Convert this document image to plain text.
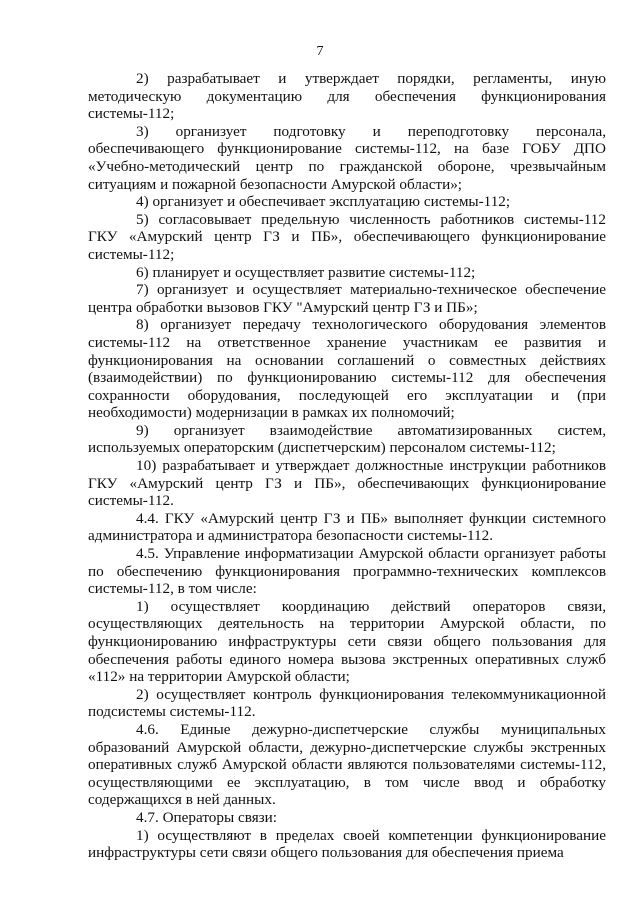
7

2) разрабатывает и утверждает порядки, регламенты, иную методическую документацию для обеспечения функционирования системы-112;

3) организует подготовку и переподготовку персонала, обеспечивающего функционирование системы-112, на базе ГОБУ ДПО «Учебно-методический центр по гражданской обороне, чрезвычайным ситуациям и пожарной безопасности Амурской области»;

4) организует и обеспечивает эксплуатацию системы-112;

5) согласовывает предельную численность работников системы-112 ГКУ «Амурский центр ГЗ и ПБ», обеспечивающего функционирование системы-112;

6) планирует и осуществляет развитие системы-112;

7) организует и осуществляет материально-техническое обеспечение центра обработки вызовов ГКУ "Амурский центр ГЗ и ПБ»;

8) организует передачу технологического оборудования элементов системы-112 на ответственное хранение участникам ее развития и функционирования на основании соглашений о совместных действиях (взаимодействии) по функционированию системы-112 для обеспечения сохранности оборудования, последующей его эксплуатации и (при необходимости) модернизации в рамках их полномочий;

9) организует взаимодействие автоматизированных систем, используемых операторским (диспетчерским) персоналом системы-112;

10) разрабатывает и утверждает должностные инструкции работников ГКУ «Амурский центр ГЗ и ПБ», обеспечивающих функционирование системы-112.

4.4. ГКУ «Амурский центр ГЗ и ПБ» выполняет функции системного администратора и администратора безопасности системы-112.

4.5. Управление информатизации Амурской области организует работы по обеспечению функционирования программно-технических комплексов системы-112, в том числе:

1) осуществляет координацию действий операторов связи, осуществляющих деятельность на территории Амурской области, по функционированию инфраструктуры сети связи общего пользования для обеспечения работы единого номера вызова экстренных оперативных служб «112» на территории Амурской области;

2) осуществляет контроль функционирования телекоммуникационной подсистемы системы-112.

4.6. Единые дежурно-диспетчерские службы муниципальных образований Амурской области, дежурно-диспетчерские службы экстренных оперативных служб Амурской области являются пользователями системы-112, осуществляющими ее эксплуатацию, в том числе ввод и обработку содержащихся в ней данных.

4.7. Операторы связи:

1) осуществляют в пределах своей компетенции функционирование инфраструктуры сети связи общего пользования для обеспечения приема
